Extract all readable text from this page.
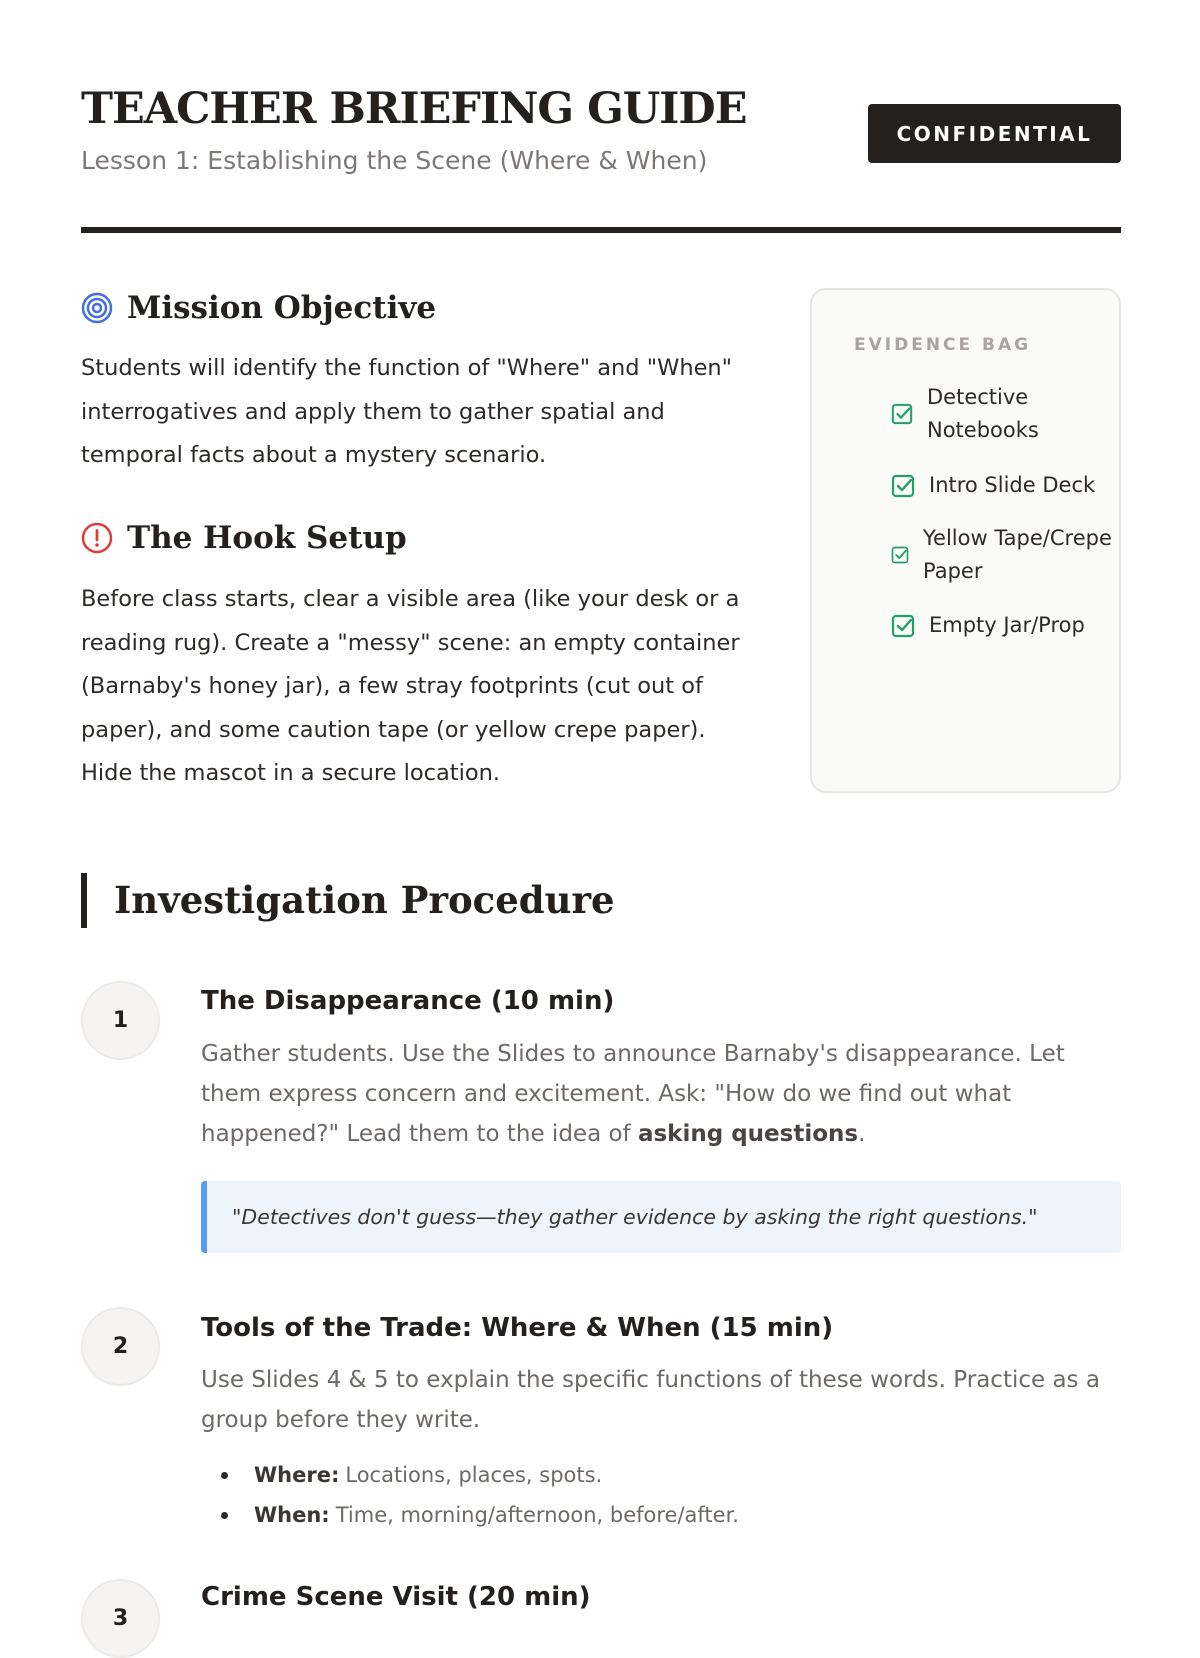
TEACHER BRIEFING GUIDE
Lesson 1: Establishing the Scene (Where & When)
CONFIDENTIAL
Mission Objective
Students will identify the function of "Where" and "When" interrogatives and apply them to gather spatial and temporal facts about a mystery scenario.
The Hook Setup
Before class starts, clear a visible area (like your desk or a reading rug). Create a "messy" scene: an empty container (Barnaby's honey jar), a few stray footprints (cut out of paper), and some caution tape (or yellow crepe paper). Hide the mascot in a secure location.
EVIDENCE BAG
Detective Notebooks
Intro Slide Deck
Yellow Tape/Crepe Paper
Empty Jar/Prop
Investigation Procedure
1
The Disappearance (10 min)
Gather students. Use the Slides to announce Barnaby's disappearance. Let them express concern and excitement. Ask: "How do we find out what happened?" Lead them to the idea of asking questions.
"Detectives don't guess—they gather evidence by asking the right questions."
2
Tools of the Trade: Where & When (15 min)
Use Slides 4 & 5 to explain the specific functions of these words. Practice as a group before they write.
Where: Locations, places, spots.
When: Time, morning/afternoon, before/after.
3
Crime Scene Visit (20 min)
